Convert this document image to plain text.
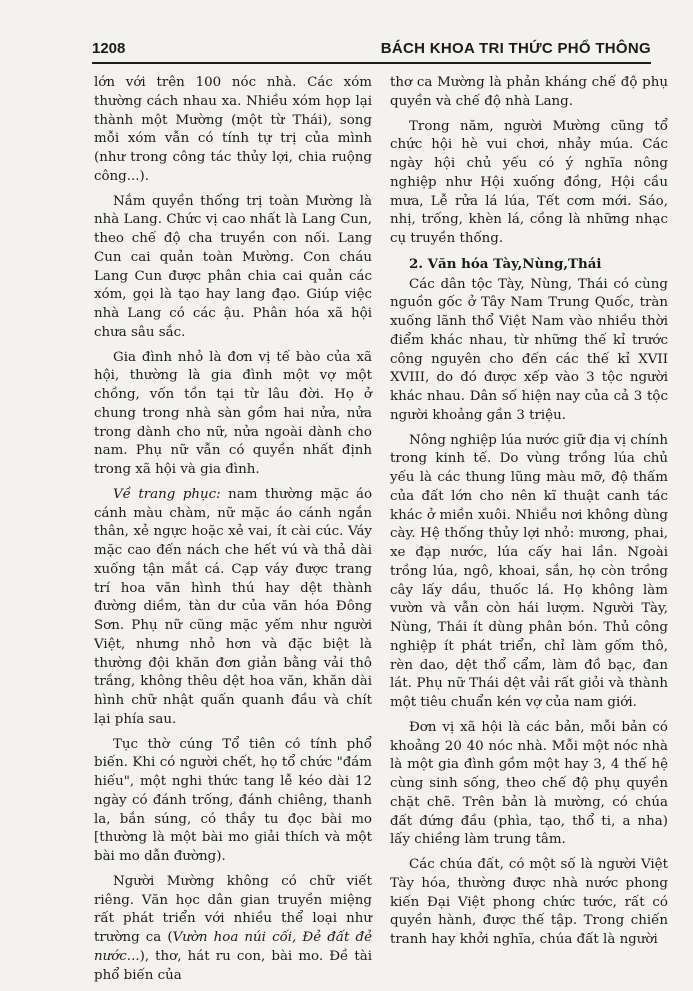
1208	BÁCH KHOA TRI THỨC PHỔ THÔNG

lớn với trên 100 nóc nhà. Các xóm thường cách nhau xa. Nhiều xóm họp lại thành một Mường (một từ Thái), song mỗi xóm vẫn có tính tự trị của mình (như trong công tác thủy lợi, chia ruộng công...).

Nắm quyền thống trị toàn Mường là nhà Lang. Chức vị cao nhất là Lang Cun, theo chế độ cha truyền con nối. Lang Cun cai quản toàn Mường. Con cháu Lang Cun được phân chia cai quản các xóm, gọi là tạo hay lang đạo. Giúp việc nhà Lang có các ậu. Phân hóa xã hội chưa sâu sắc.

Gia đình nhỏ là đơn vị tế bào của xã hội, thường là gia đình một vợ một chồng, vốn tồn tại từ lâu đời. Họ ở chung trong nhà sàn gồm hai nửa, nửa trong dành cho nữ, nửa ngoài dành cho nam. Phụ nữ vẫn có quyền nhất định trong xã hội và gia đình.

Về trang phục: nam thường mặc áo cánh màu chàm, nữ mặc áo cánh ngắn thân, xẻ ngực hoặc xẻ vai, ít cài cúc. Váy mặc cao đến nách che hết vú và thả dài xuống tận mắt cá. Cạp váy được trang trí hoa văn hình thú hay dệt thành đường diềm, tàn dư của văn hóa Đông Sơn. Phụ nữ cũng mặc yếm như người Việt, nhưng nhỏ hơn và đặc biệt là thường đội khăn đơn giản bằng vải thô trắng, không thêu dệt hoa văn, khăn dài hình chữ nhật quấn quanh đầu và chít lại phía sau.

Tục thờ cúng Tổ tiên có tính phổ biến. Khi có người chết, họ tổ chức "đám hiếu", một nghi thức tang lễ kéo dài 12 ngày có đánh trống, đánh chiêng, thanh la, bắn súng, có thầy tu đọc bài mo [thường là một bài mo giải thích và một bài mo dẫn đường).

Người Mường không có chữ viết riêng. Văn học dân gian truyền miệng rất phát triển với nhiều thể loại như trường ca (Vườn hoa núi cối, Đẻ đất đẻ nước...), thơ, hát ru con, bài mo. Đề tài phổ biến của

thơ ca Mường là phản kháng chế độ phụ quyền và chế độ nhà Lang.

Trong năm, người Mường cũng tổ chức hội hè vui chơi, nhảy múa. Các ngày hội chủ yếu có ý nghĩa nông nghiệp như Hội xuống đồng, Hội cầu mưa, Lễ rửa lá lúa, Tết cơm mới. Sáo, nhị, trống, khèn lá, cồng là những nhạc cụ truyền thống.

2. Văn hóa Tày,Nùng,Thái

Các dân tộc Tày, Nùng, Thái có cùng nguồn gốc ở Tây Nam Trung Quốc, tràn xuống lãnh thổ Việt Nam vào nhiều thời điểm khác nhau, từ những thế kỉ trước công nguyên cho đến các thế kỉ XVII XVIII, do đó được xếp vào 3 tộc người khác nhau. Dân số hiện nay của cả 3 tộc người khoảng gần 3 triệu.

Nông nghiệp lúa nước giữ địa vị chính trong kinh tế. Do vùng trồng lúa chủ yếu là các thung lũng màu mỡ, độ thấm của đất lớn cho nên kĩ thuật canh tác khác ở miền xuôi. Nhiều nơi không dùng cày. Hệ thống thủy lợi nhỏ: mương, phai, xe đạp nước, lúa cấy hai lần. Ngoài trồng lúa, ngô, khoai, sắn, họ còn trồng cây lấy dầu, thuốc lá. Họ không làm vườn và vẫn còn hái lượm. Người Tày, Nùng, Thái ít dùng phân bón. Thủ công nghiệp ít phát triển, chỉ làm gốm thô, rèn dao, dệt thổ cẩm, làm đồ bạc, đan lát. Phụ nữ Thái dệt vải rất giỏi và thành một tiêu chuẩn kén vợ của nam giới.

Đơn vị xã hội là các bản, mỗi bản có khoảng 20 40 nóc nhà. Mỗi một nóc nhà là một gia đình gồm một hay 3, 4 thế hệ cùng sinh sống, theo chế độ phụ quyền chặt chẽ. Trên bản là mường, có chúa đất đứng đầu (phìa, tạo, thổ ti, a nha) lấy chiềng làm trung tâm.

Các chúa đất, có một số là người Việt Tày hóa, thường được nhà nước phong kiến Đại Việt phong chức tước, rất có quyền hành, được thế tập. Trong chiến tranh hay khởi nghĩa, chúa đất là người
